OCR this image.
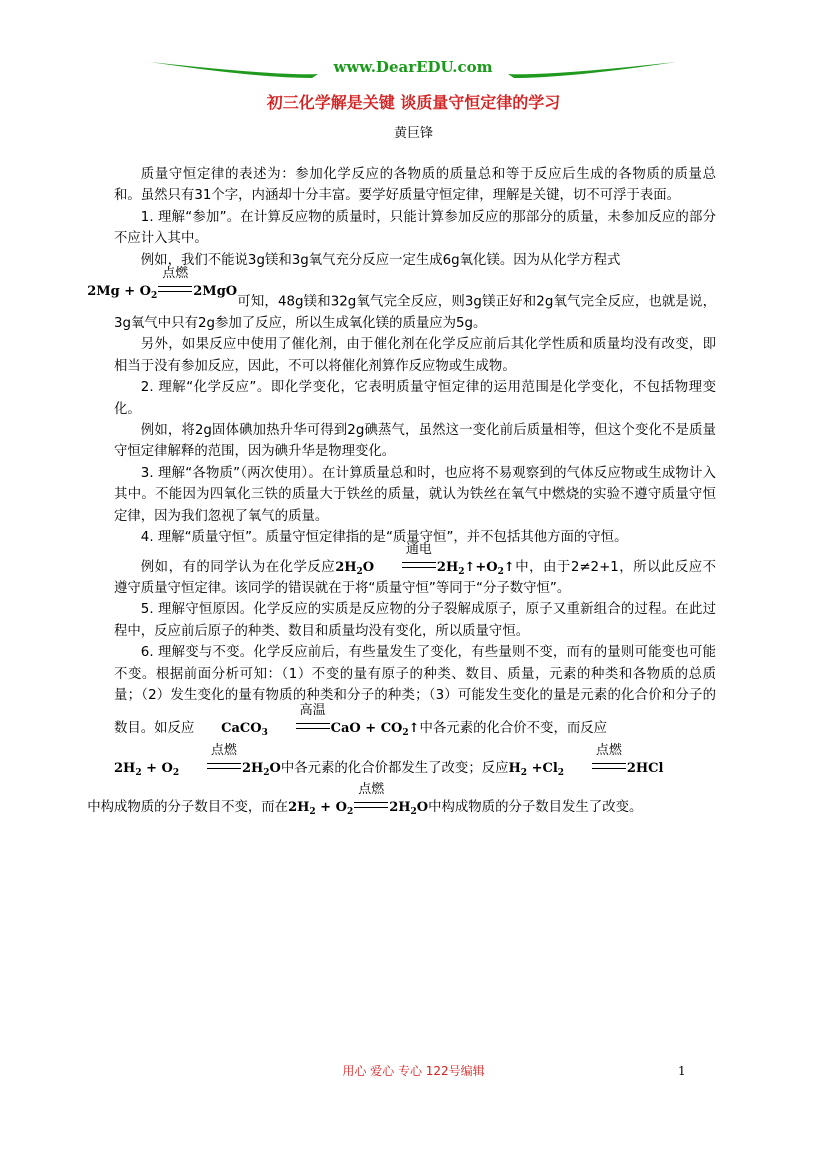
www.DearEDU.com
初三化学解是关键 谈质量守恒定律的学习
黄巨锋

质量守恒定律的表述为：参加化学反应的各物质的质量总和等于反应后生成的各物质的质量总和。虽然只有31个字，内涵却十分丰富。要学好质量守恒定律，理解是关键，切不可浮于表面。

1. 理解“参加”。在计算反应物的质量时，只能计算参加反应的那部分的质量，未参加反应的部分不应计入其中。

例如，我们不能说3g镁和3g氧气充分反应一定生成6g氧化镁。因为从化学方程式
$2Mg + O_2$
点燃
2MgO可知，48g镁和32g氧气完全反应，则3g镁正好和2g氧气完全反应，也就是说，3g氧气中只有2g参加了反应，所以生成氧化镁的质量应为5g。

另外，如果反应中使用了催化剂，由于催化剂在化学反应前后其化学性质和质量均没有改变，即相当于没有参加反应，因此，不可以将催化剂算作反应物或生成物。

2. 理解“化学反应”。即化学变化，它表明质量守恒定律的运用范围是化学变化，不包括物理变化。

例如，将2g固体碘加热升华可得到2g碘蒸气，虽然这一变化前后质量相等，但这个变化不是质量守恒定律解释的范围，因为碘升华是物理变化。

3. 理解“各物质”（两次使用）。在计算质量总和时，也应将不易观察到的气体反应物或生成物计入其中。不能因为四氧化三铁的质量大于铁丝的质量，就认为铁丝在氧气中燃烧的实验不遵守质量守恒定律，因为我们忽视了氧气的质量。

4. 理解“质量守恒”。质量守恒定律指的是“质量守恒”，并不包括其他方面的守恒。

例如，有的同学认为在化学反应$2H_2O$
通电
$2H_2↑+O_2↑$中，由于2≠2+1，所以此反应不遵守质量守恒定律。该同学的错误就在于将“质量守恒”等同于“分子数守恒”。

5. 理解守恒原因。化学反应的实质是反应物的分子裂解成原子，原子又重新组合的过程。在此过程中，反应前后原子的种类、数目和质量均没有变化，所以质量守恒。

6. 理解变与不变。化学反应前后，有些量发生了变化，有些量则不变，而有的量则可能变也可能不变。根据前面分析可知：（1）不变的量有原子的种类、数目、质量，元素的种类和各物质的总质量；（2）发生变化的量有物质的种类和分子的种类；（3）可能发生变化的量是元素的化合价和分子的数目。如反应 CaCO$_3$
高温
CaO + $CO_2↑$中各元素的化合价不变，而反应
$2H_2 + O_2$
点燃
$2H_2O$中各元素的化合价都发生了改变；反应$H_2 +Cl_2$
点燃
2HCl
中构成物质的分子数目不变，而在$2H_2 + O_2$
点燃
$2H_2O$中构成物质的分子数目发生了改变。

用心 爱心 专心 122号编辑	1
